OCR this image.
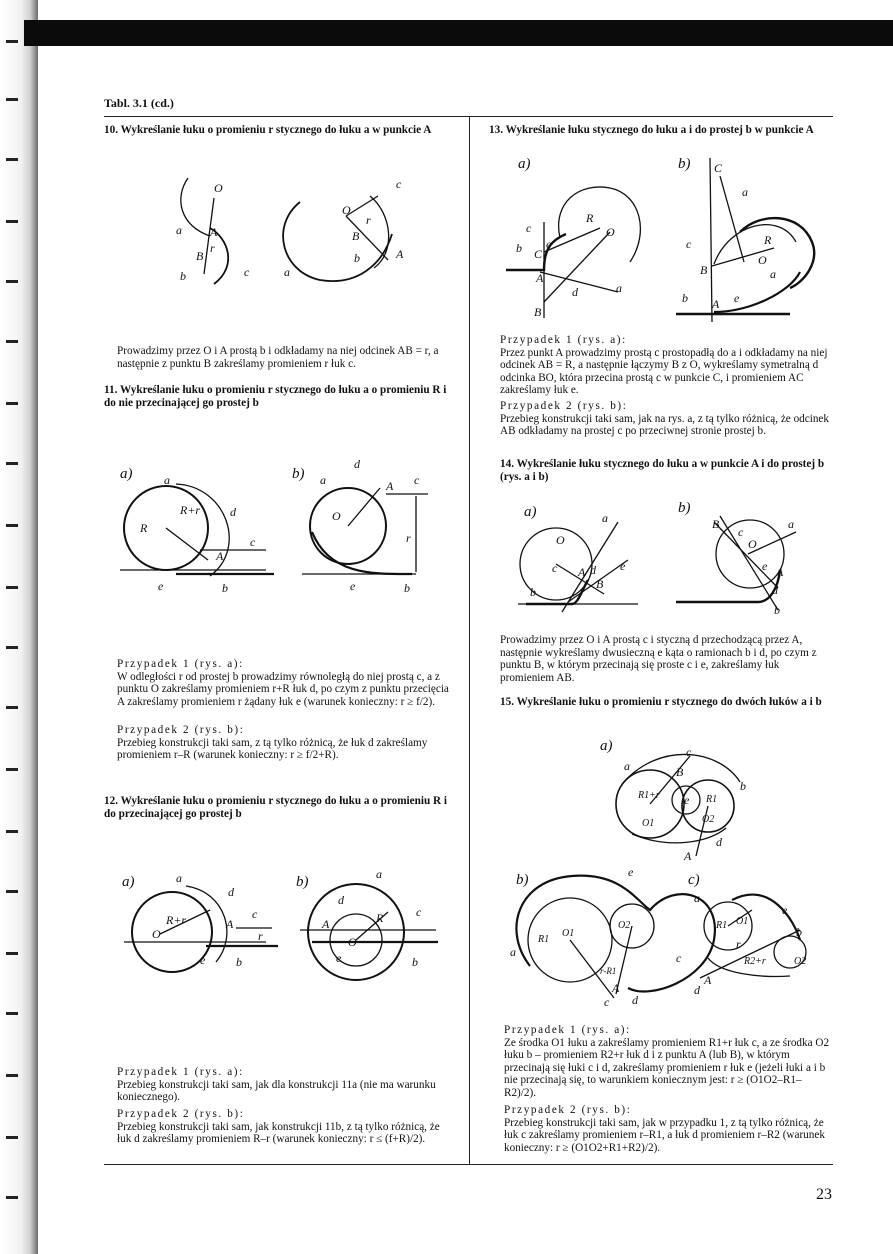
Tabl. 3.1 (cd.)
10. Wykreślanie łuku o promieniu r stycznego do łuku a w punkcie A
O
a A
B
r
b	c
O
c
r
B
A
b
a
Prowadzimy przez O i A prostą b i odkładamy na niej odcinek AB = r, a następnie z punktu B zakreślamy promieniem r łuk c.
11. Wykreślanie łuku o promieniu r stycznego do łuku a o promieniu R i do nie przecinającej go prostej b
a)	a
R
R+r d
A
c
e	b
b) a
d
O
A c
r
e	b

Przypadek 1 (rys. a):

W odległości r od prostej b prowadzimy równoległą do niej prostą c, a z punktu O zakreślamy promieniem r+R łuk d, po czym z punktu przecięcia A zakreślamy promieniem r żądany łuk e (warunek konieczny: r ≥ f/2).

Przypadek 2 (rys. b):

Przebieg konstrukcji taki sam, z tą tylko różnicą, że łuk d zakreślamy promieniem r–R (warunek konieczny: r ≥ f/2+R).

12. Wykreślanie łuku o promieniu r stycznego do łuku a o promieniu R i do przecinającej go prostej b
a)	a
d
R+r
O
A
c
r
e	b
b)	a
d
A	R
O
c
e	b

Przypadek 1 (rys. a):

Przebieg konstrukcji taki sam, jak dla konstrukcji 11a (nie ma warunku koniecznego).

Przypadek 2 (rys. b):

Przebieg konstrukcji taki sam, jak konstrukcji 11b, z tą tylko różnicą, że łuk d zakreślamy promieniem R–r (warunek konieczny: r ≤ (f+R)/2).

13. Wykreślanie łuku stycznego do łuku a i do prostej b w punkcie A
a)
c
R
O
b C
e
A
d	a
B
b) C
a
c	R
O
B	a
b A e

Przypadek 1 (rys. a):

Przez punkt A prowadzimy prostą c prostopadłą do a i odkładamy na niej odcinek AB = R, a następnie łączymy B z O, wykreślamy symetralną d odcinka BO, która przecina prostą c w punkcie C, i promieniem AC zakreślamy łuk e.

Przypadek 2 (rys. b):

Przebieg konstrukcji taki sam, jak na rys. a, z tą tylko różnicą, że odcinek AB odkładamy na prostej c po przeciwnej stronie prostej b.

14. Wykreślanie łuku stycznego do łuku a w punkcie A i do prostej b (rys. a i b)
a)	a
O
c A d e
B
b
b)
B
c
O
a
e A
d
b
Prowadzimy przez O i A prostą c i styczną d przechodzącą przez A, następnie wykreślamy dwusieczną e kąta o ramionach b i d, po czym z punktu B, w którym przecinają się proste c i e, zakreślamy łuk promieniem AB.
15. Wykreślanie łuku o promieniu r stycznego do dwóch łuków a i b
a)	c
a	B
R1+r e R1
b
O1	O2
d
A
b)	e
R1
O1
O2
a
r-R1
A
c d
c)
a
R1 O1
e
b
r
c	R2+r	O2
A
d

Przypadek 1 (rys. a):

Ze środka O1 łuku a zakreślamy promieniem R1+r łuk c, a ze środka O2 łuku b – promieniem R2+r łuk d i z punktu A (lub B), w którym przecinają się łuki c i d, zakreślamy promieniem r łuk e (jeżeli łuki a i b nie przecinają się, to warunkiem koniecznym jest: r ≥ (O1O2–R1–R2)/2).

Przypadek 2 (rys. b):

Przebieg konstrukcji taki sam, jak w przypadku 1, z tą tylko różnicą, że łuk c zakreślamy promieniem r–R1, a łuk d promieniem r–R2 (warunek konieczny: r ≥ (O1O2+R1+R2)/2).

23
